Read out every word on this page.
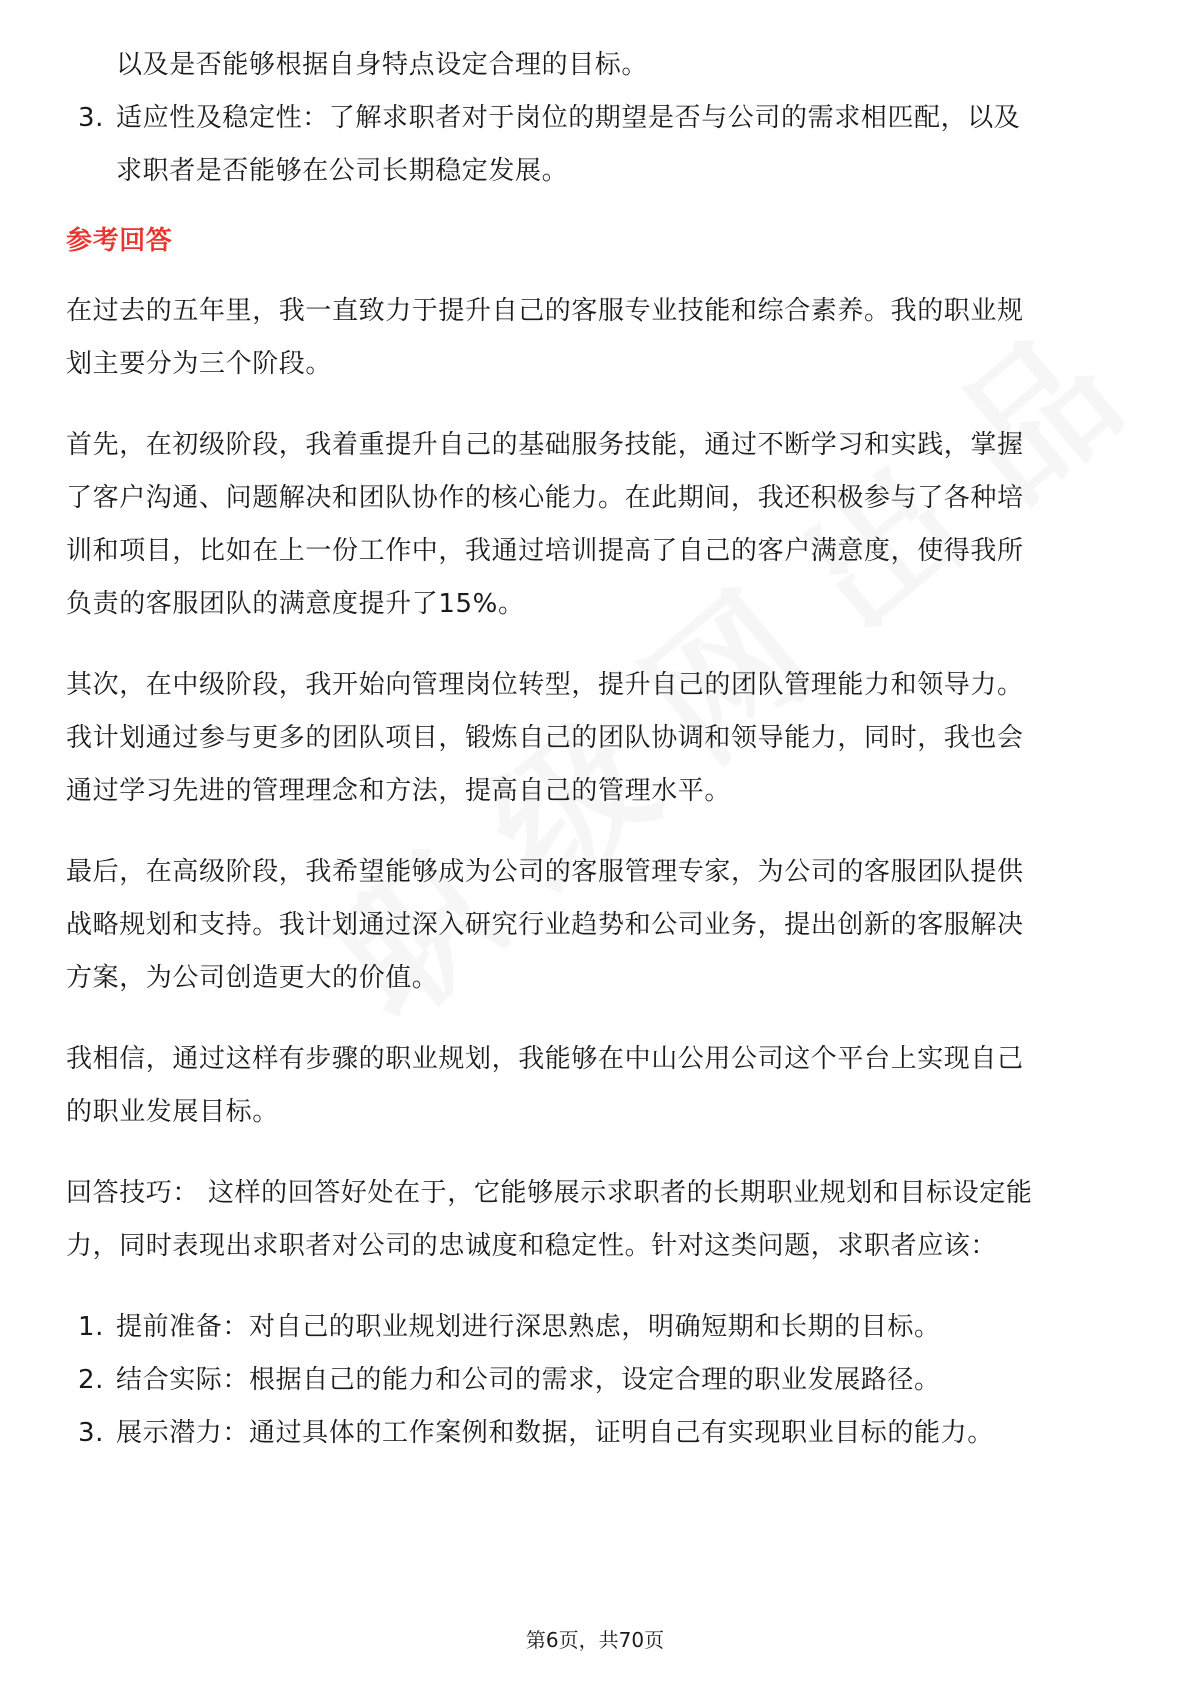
以及是否能够根据自身特点设定合理的目标。
3. 适应性及稳定性：了解求职者对于岗位的期望是否与公司的需求相匹配，以及
求职者是否能够在公司长期稳定发展。
参考回答
在过去的五年里，我一直致力于提升自己的客服专业技能和综合素养。我的职业规
划主要分为三个阶段。
首先，在初级阶段，我着重提升自己的基础服务技能，通过不断学习和实践，掌握
了客户沟通、问题解决和团队协作的核心能力。在此期间，我还积极参与了各种培
训和项目，比如在上一份工作中，我通过培训提高了自己的客户满意度，使得我所
负责的客服团队的满意度提升了15%。
其次，在中级阶段，我开始向管理岗位转型，提升自己的团队管理能力和领导力。
我计划通过参与更多的团队项目，锻炼自己的团队协调和领导能力，同时，我也会
通过学习先进的管理理念和方法，提高自己的管理水平。
最后，在高级阶段，我希望能够成为公司的客服管理专家，为公司的客服团队提供
战略规划和支持。我计划通过深入研究行业趋势和公司业务，提出创新的客服解决
方案，为公司创造更大的价值。
我相信，通过这样有步骤的职业规划，我能够在中山公用公司这个平台上实现自己
的职业发展目标。
回答技巧： 这样的回答好处在于，它能够展示求职者的长期职业规划和目标设定能
力，同时表现出求职者对公司的忠诚度和稳定性。针对这类问题，求职者应该：
1. 提前准备：对自己的职业规划进行深思熟虑，明确短期和长期的目标。
2. 结合实际：根据自己的能力和公司的需求，设定合理的职业发展路径。
3. 展示潜力：通过具体的工作案例和数据，证明自己有实现职业目标的能力。
第6页，共70页
